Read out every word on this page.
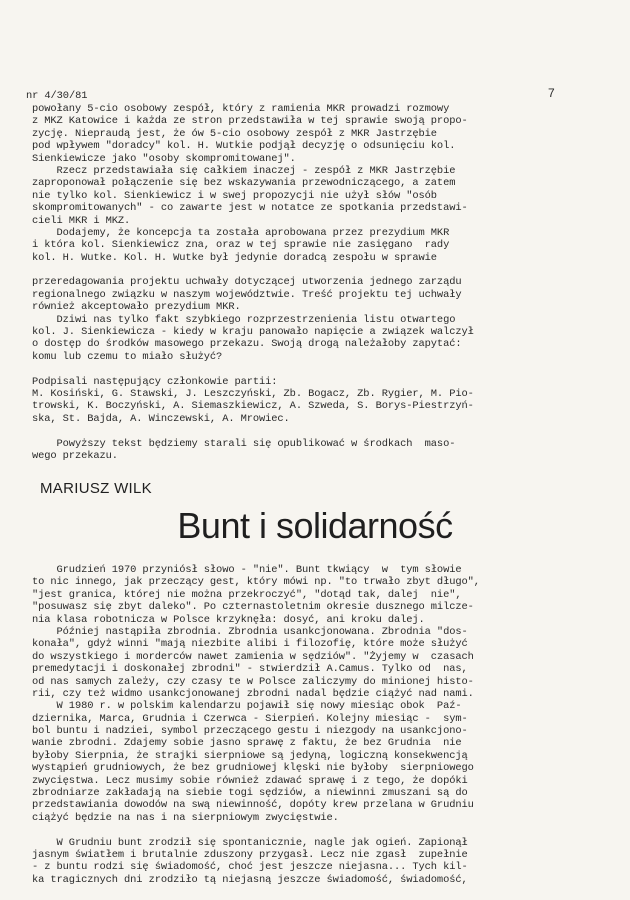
nr 4/30/81	7
powołany 5-cio osobowy zespół, który z ramienia MKR prowadzi rozmowy
z MKZ Katowice i każda ze stron przedstawiła w tej sprawie swoją propo-
zycję. Niepraudą jest, że ów 5-cio osobowy zespół z MKR Jastrzębie
pod wpływem "doradcy" kol. H. Wutkie podjął decyzję o odsunięciu kol.
Sienkiewicze jako "osoby skompromitowanej".
Rzecz przedstawiała się całkiem inaczej - zespół z MKR Jastrzębie
zaproponował połączenie się bez wskazywania przewodniczącego, a zatem
nie tylko kol. Sienkiewicz i w swej propozycji nie użył słów "osób
skompromitowanych" - co zawarte jest w notatce ze spotkania przedstawi-
cieli MKR i MKZ.
Dodajemy, że koncepcja ta została aprobowana przez prezydium MKR
i która kol. Sienkiewicz zna, oraz w tej sprawie nie zasięgano  rady
kol. H. Wutke. Kol. H. Wutke był jedynie doradcą zespołu w sprawie
przeredagowania projektu uchwały dotyczącej utworzenia jednego zarządu
regionalnego związku w naszym województwie. Treść projektu tej uchwały
również akceptowało prezydium MKR.
Dziwi nas tylko fakt szybkiego rozprzestrzenienia listu otwartego
kol. J. Sienkiewicza - kiedy w kraju panowało napięcie a związek walczył
o dostęp do środków masowego przekazu. Swoją drogą należałoby zapytać:
komu lub czemu to miało służyć?
Podpisali następujący członkowie partii:
M. Kosiński, G. Stawski, J. Leszczyński, Zb. Bogacz, Zb. Rygier, M. Pio-
trowski, K. Boczyński, A. Siemaszkiewicz, A. Szweda, S. Borys-Piestrzyń-
ska, St. Bajda, A. Winczewski, A. Mrowiec.
Powyższy tekst będziemy starali się opublikować w środkach  maso-
wego przekazu.
MARIUSZ WILK
Bunt i solidarność
Grudzień 1970 przyniósł słowo - "nie". Bunt tkwiący  w  tym słowie
to nic innego, jak przeczący gest, który mówi np. "to trwało zbyt długo",
"jest granica, której nie można przekroczyć", "dotąd tak, dalej  nie",
"posuwasz się zbyt daleko". Po czternastoletnim okresie dusznego milcze-
nia klasa robotnicza w Polsce krzyknęła: dosyć, ani kroku dalej.
Później nastąpiła zbrodnia. Zbrodnia usankcjonowana. Zbrodnia "dos-
konała", gdyż winni "mają niezbite alibi i filozofię, które może służyć
do wszystkiego i morderców nawet zamienia w sędziów". "Żyjemy w  czasach
premedytacji i doskonałej zbrodni" - stwierdził A.Camus. Tylko od  nas,
od nas samych zależy, czy czasy te w Polsce zaliczymy do minionej histo-
rii, czy też widmo usankcjonowanej zbrodni nadal będzie ciążyć nad nami.
W 1980 r. w polskim kalendarzu pojawił się nowy miesiąc obok  Paź-
dziernika, Marca, Grudnia i Czerwca - Sierpień. Kolejny miesiąc -  sym-
bol buntu i nadziei, symbol przeczącego gestu i niezgody na usankcjono-
wanie zbrodni. Zdajemy sobie jasno sprawę z faktu, że bez Grudnia  nie
byłoby Sierpnia, że strajki sierpniowe są jedyną, logiczną konsekwencją
wystąpień grudniowych, że bez grudniowej klęski nie byłoby  sierpniowego
zwycięstwa. Lecz musimy sobie również zdawać sprawę i z tego, że dopóki
zbrodniarze zakładają na siebie togi sędziów, a niewinni zmuszani są do
przedstawiania dowodów na swą niewinność, dopóty krew przelana w Grudniu
ciążyć będzie na nas i na sierpniowym zwycięstwie.
W Grudniu bunt zrodził się spontanicznie, nagle jak ogień. Zapionął
jasnym światłem i brutalnie zduszony przygasł. Lecz nie zgasł  zupełnie
- z buntu rodzi się świadomość, choć jest jeszcze niejasna... Tych kil-
ka tragicznych dni zrodziło tą niejasną jeszcze świadomość, świadomość,
